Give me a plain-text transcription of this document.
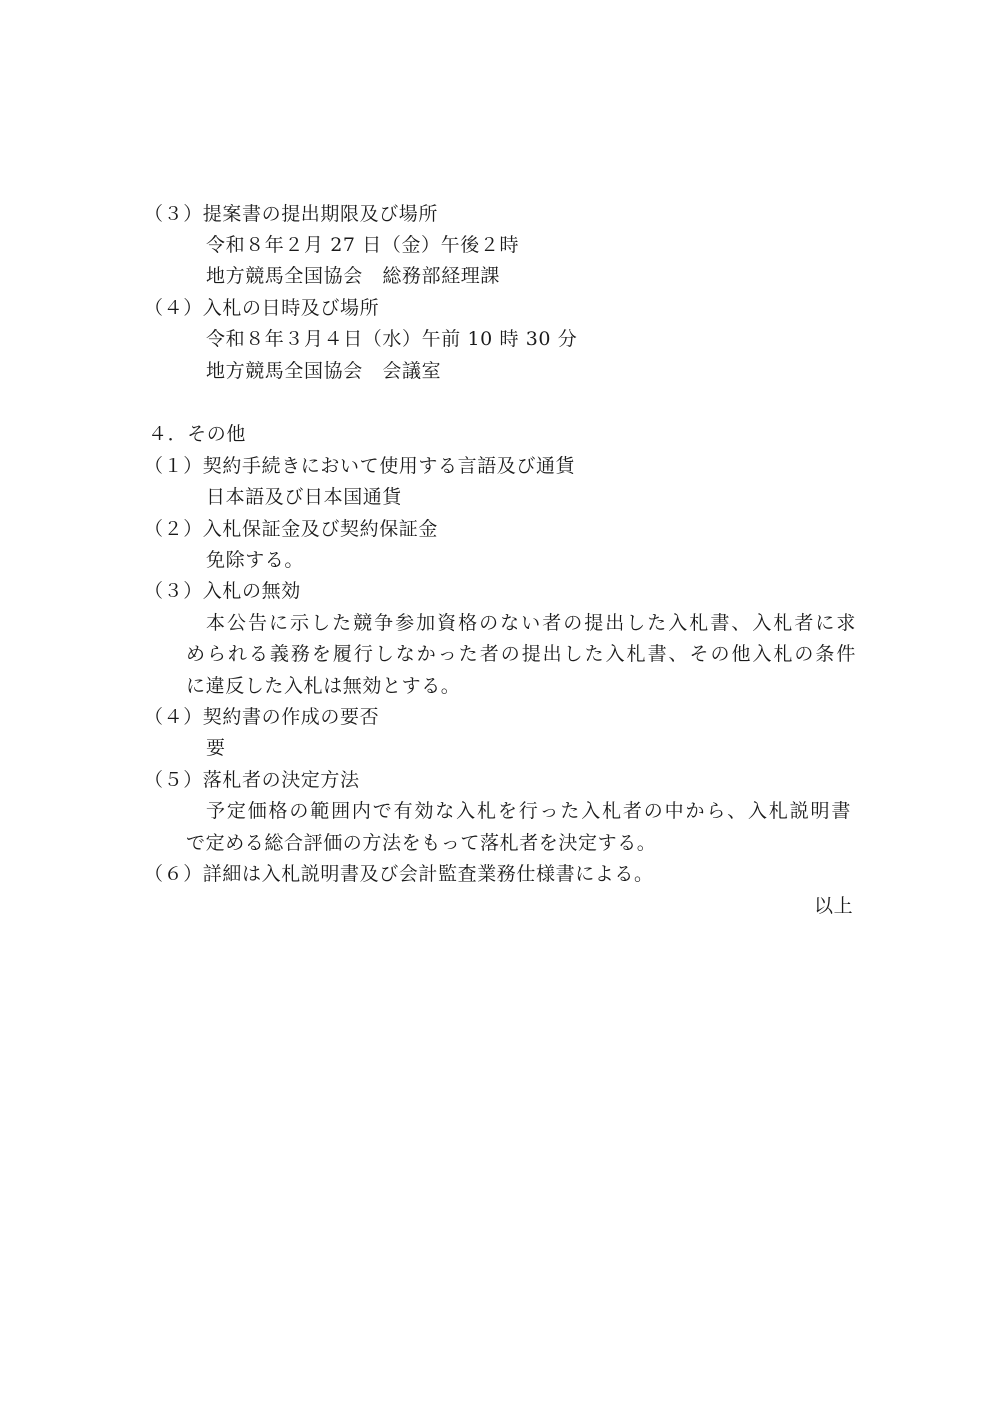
（３）提案書の提出期限及び場所

令和８年２月 27 日（金）午後２時

地方競馬全国協会　総務部経理課

（４）入札の日時及び場所

令和８年３月４日（水）午前 10 時 30 分

地方競馬全国協会　会議室

４．その他

（１）契約手続きにおいて使用する言語及び通貨

日本語及び日本国通貨

（２）入札保証金及び契約保証金

免除する。

（３）入札の無効

本公告に示した競争参加資格のない者の提出した入札書、入札者に求

められる義務を履行しなかった者の提出した入札書、その他入札の条件

に違反した入札は無効とする。

（４）契約書の作成の要否

要

（５）落札者の決定方法

予定価格の範囲内で有効な入札を行った入札者の中から、入札説明書

で定める総合評価の方法をもって落札者を決定する。

（６）詳細は入札説明書及び会計監査業務仕様書による。

以上
